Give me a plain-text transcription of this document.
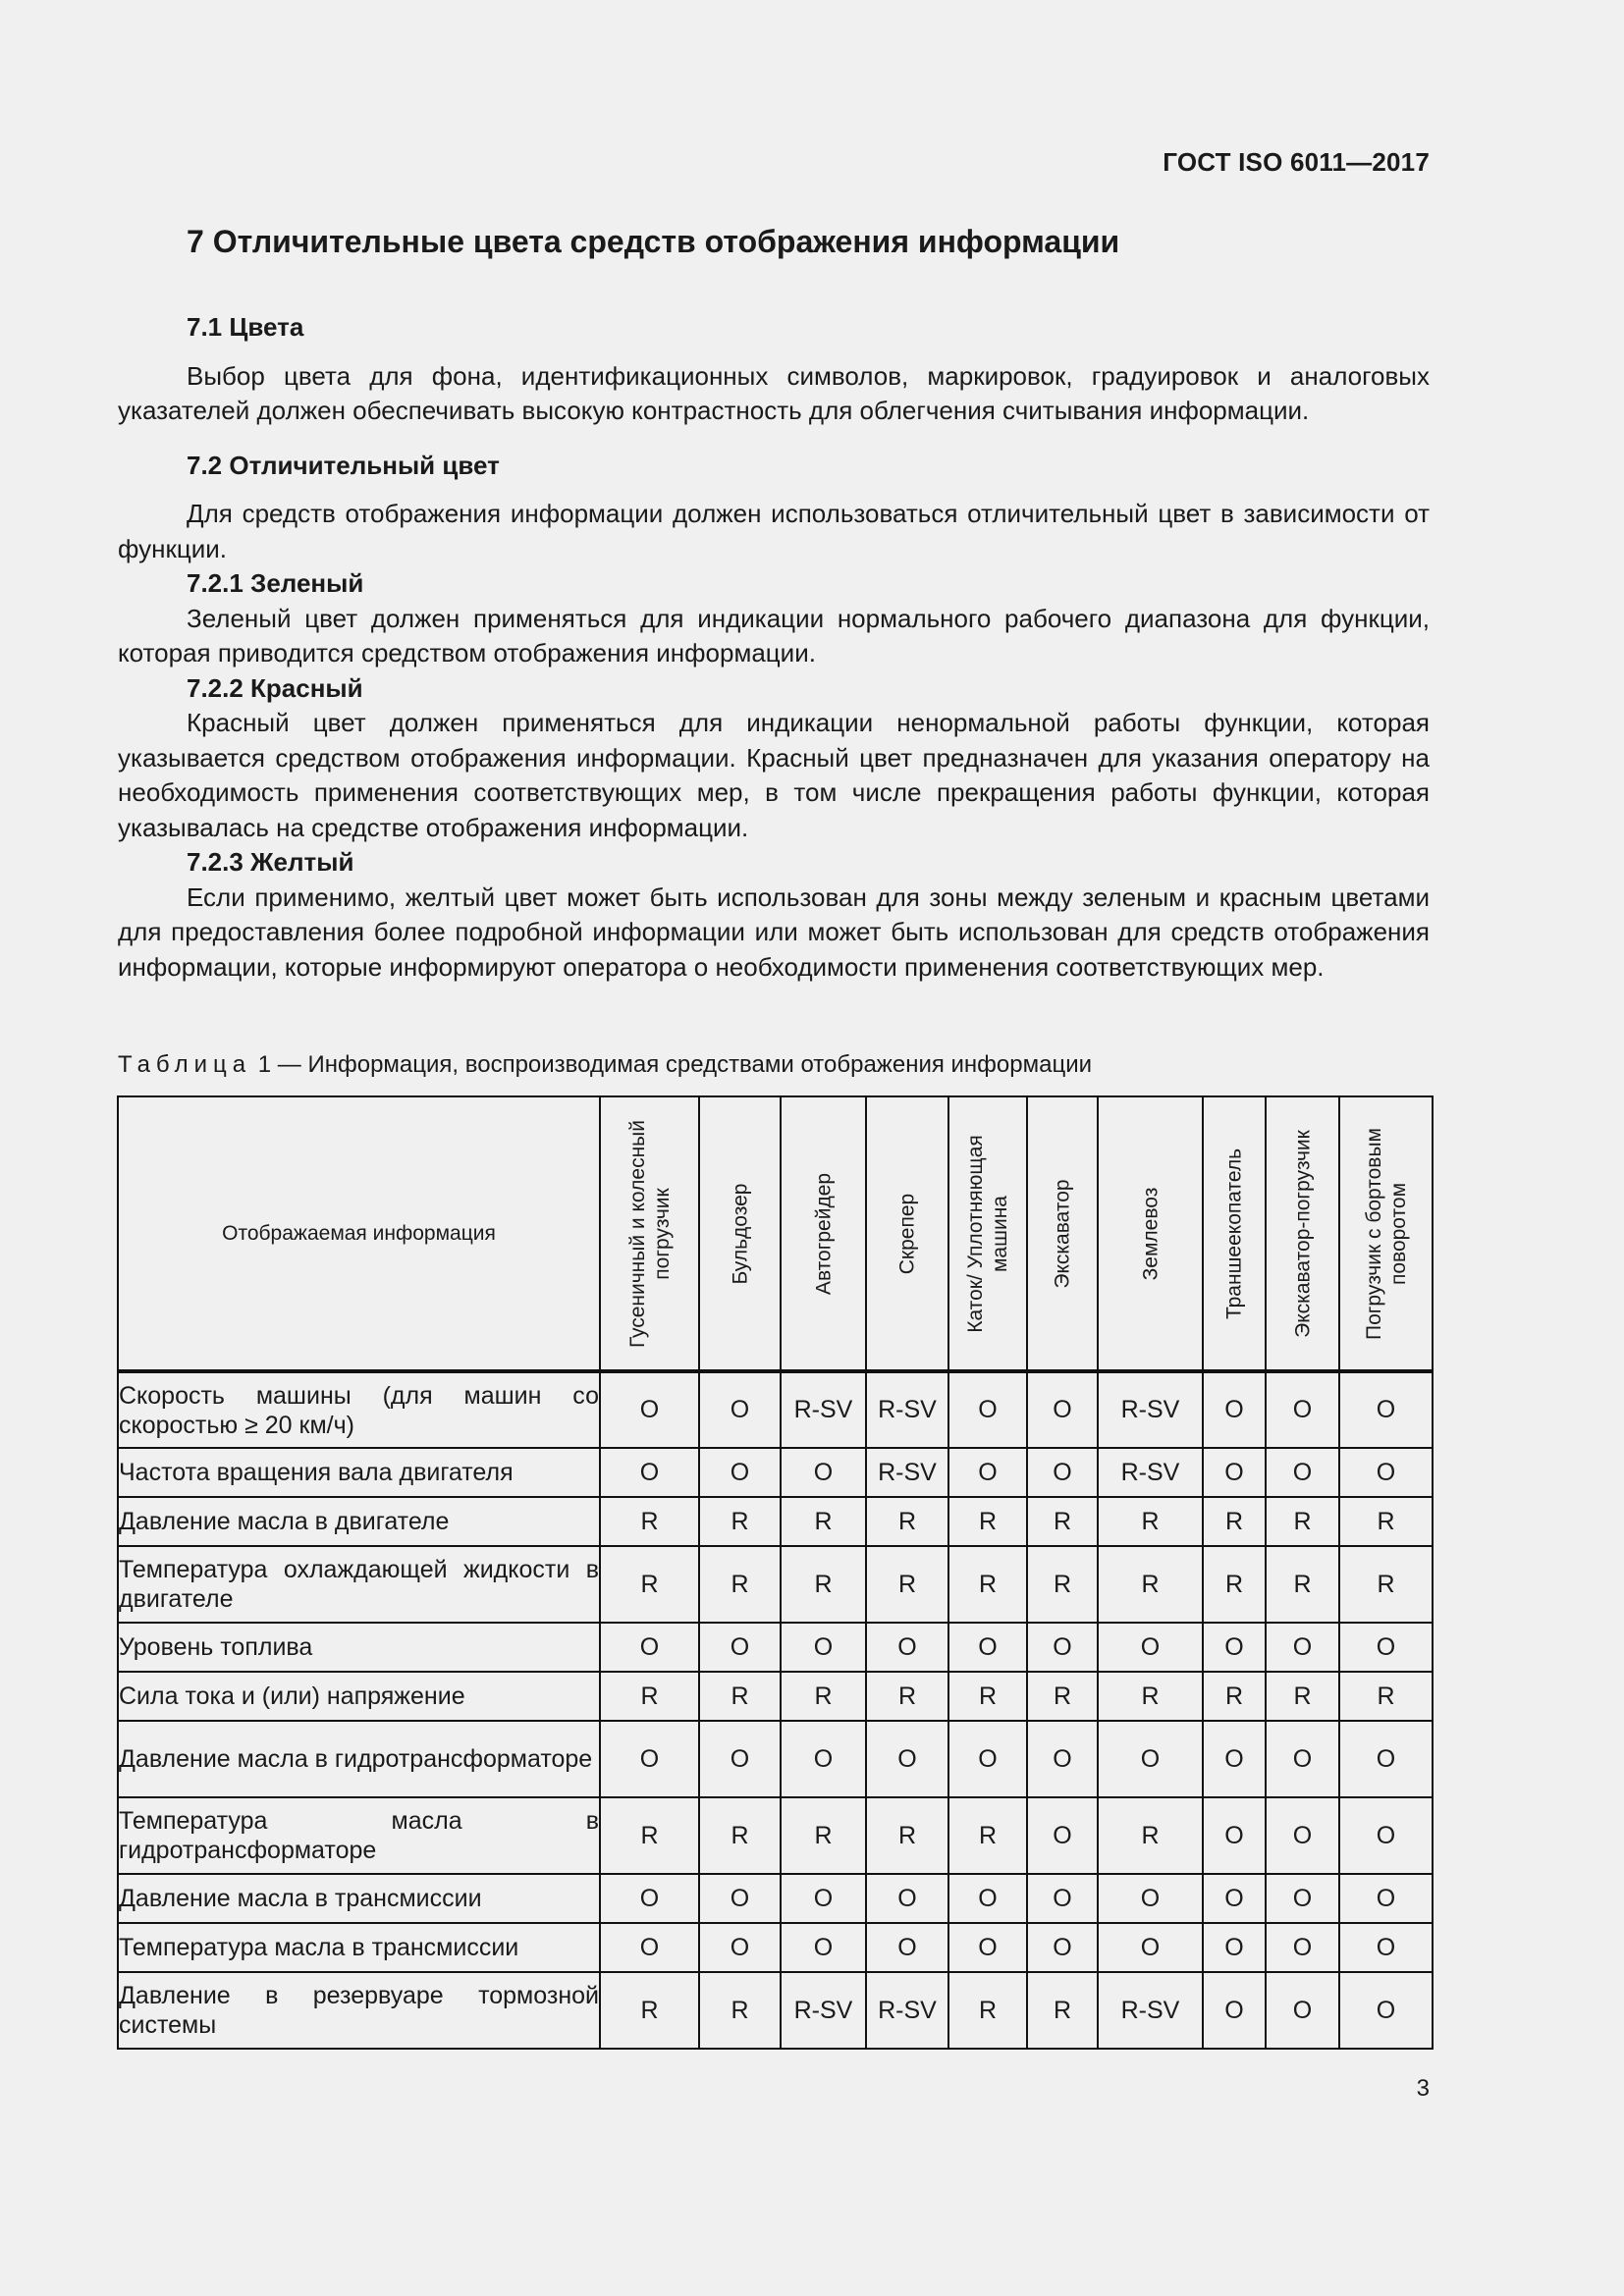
ГОСТ ISO 6011—2017
7 Отличительные цвета средств отображения информации
7.1 Цвета

Выбор цвета для фона, идентификационных символов, маркировок, градуировок и аналоговых указателей должен обеспечивать высокую контрастность для облегчения считывания информации.

7.2 Отличительный цвет

Для средств отображения информации должен использоваться отличительный цвет в зависимости от функции.

7.2.1 Зеленый

Зеленый цвет должен применяться для индикации нормального рабочего диапазона для функции, которая приводится средством отображения информации.

7.2.2 Красный

Красный цвет должен применяться для индикации ненормальной работы функции, которая указывается средством отображения информации. Красный цвет предназначен для указания оператору на необходимость применения соответствующих мер, в том числе прекращения работы функции, которая указывалась на средстве отображения информации.

7.2.3 Желтый

Если применимо, желтый цвет может быть использован для зоны между зеленым и красным цветами для предоставления более подробной информации или может быть использован для средств отображения информации, которые информируют оператора о необходимости применения соответствующих мер.

Таблица 1 — Информация, воспроизводимая средствами отображения информации
Отображаемая информация	Гусеничный и колесный погрузчик	Бульдозер	Автогрейдер	Скрепер	Каток/ Уплотняющая машина	Экскаватор	Землевоз	Траншеекопатель	Экскаватор-погрузчик	Погрузчик с бортовым поворотом

Скорость машины (для машин со скоростью ≥ 20 км/ч)	O	O	R-SV	R-SV	O	O	R-SV	O	O	O
Частота вращения вала двигателя	O	O	O	R-SV	O	O	R-SV	O	O	O
Давление масла в двигателе	R	R	R	R	R	R	R	R	R	R
Температура охлаждающей жидкости в двигателе	R	R	R	R	R	R	R	R	R	R
Уровень топлива	O	O	O	O	O	O	O	O	O	O
Сила тока и (или) напряжение	R	R	R	R	R	R	R	R	R	R
Давление масла в гидротрансформаторе	O	O	O	O	O	O	O	O	O	O
Температура масла в гидротрансформаторе	R	R	R	R	R	O	R	O	O	O
Давление масла в трансмиссии	O	O	O	O	O	O	O	O	O	O
Температура масла в трансмиссии	O	O	O	O	O	O	O	O	O	O
Давление в резервуаре тормозной системы	R	R	R-SV	R-SV	R	R	R-SV	O	O	O
3
